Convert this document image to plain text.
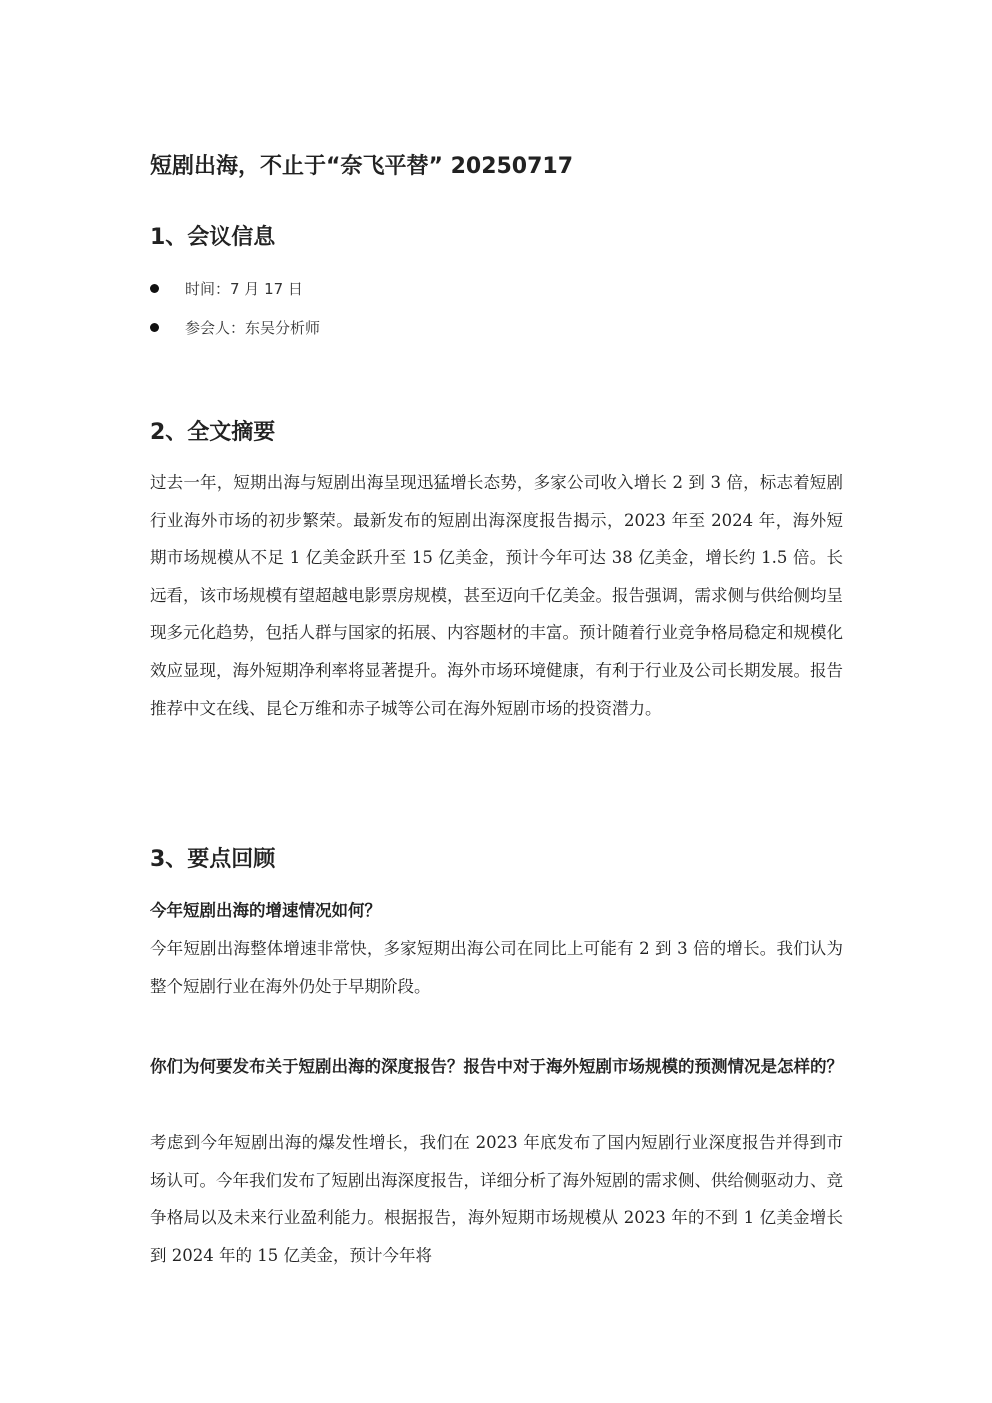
短剧出海，不止于“奈飞平替” 20250717
1、会议信息
时间：7 月 17 日
参会人：东吴分析师
2、全文摘要

过去一年，短期出海与短剧出海呈现迅猛增长态势，多家公司收入增长 2 到 3 倍，标志着短剧行业海外市场的初步繁荣。最新发布的短剧出海深度报告揭示，2023 年至 2024 年，海外短期市场规模从不足 1 亿美金跃升至 15 亿美金，预计今年可达 38 亿美金，增长约 1.5 倍。长远看，该市场规模有望超越电影票房规模，甚至迈向千亿美金。报告强调，需求侧与供给侧均呈现多元化趋势，包括人群与国家的拓展、内容题材的丰富。预计随着行业竞争格局稳定和规模化效应显现，海外短期净利率将显著提升。海外市场环境健康，有利于行业及公司长期发展。报告推荐中文在线、昆仑万维和赤子城等公司在海外短剧市场的投资潜力。

3、要点回顾

今年短剧出海的增速情况如何？

今年短剧出海整体增速非常快，多家短期出海公司在同比上可能有 2 到 3 倍的增长。我们认为整个短剧行业在海外仍处于早期阶段。

你们为何要发布关于短剧出海的深度报告？报告中对于海外短剧市场规模的预测情况是怎样的？

考虑到今年短剧出海的爆发性增长，我们在 2023 年底发布了国内短剧行业深度报告并得到市场认可。今年我们发布了短剧出海深度报告，详细分析了海外短剧的需求侧、供给侧驱动力、竞争格局以及未来行业盈利能力。根据报告，海外短期市场规模从 2023 年的不到 1 亿美金增长到 2024 年的 15 亿美金，预计今年将
